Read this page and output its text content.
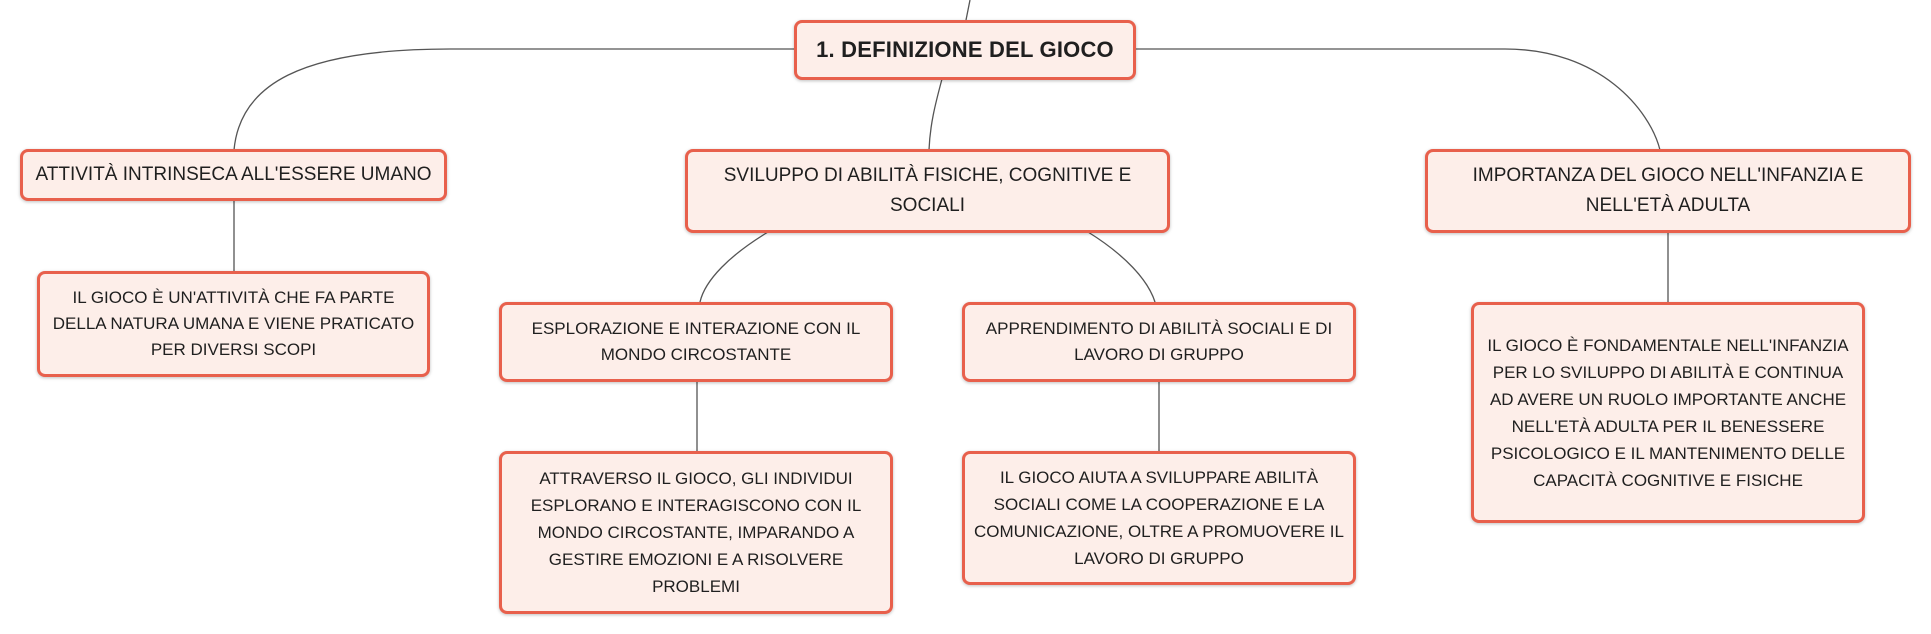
1. DEFINIZIONE DEL GIOCO
ATTIVITÀ INTRINSECA ALL'ESSERE UMANO	SVILUPPO DI ABILITÀ FISICHE, COGNITIVE E SOCIALI
IMPORTANZA DEL GIOCO NELL'INFANZIA E NELL'ETÀ ADULTA
IL GIOCO È UN'ATTIVITÀ CHE FA PARTE DELLA NATURA UMANA E VIENE PRATICATO PER DIVERSI SCOPI
ESPLORAZIONE E INTERAZIONE CON IL MONDO CIRCOSTANTE
APPRENDIMENTO DI ABILITÀ SOCIALI E DI LAVORO DI GRUPPO
ATTRAVERSO IL GIOCO, GLI INDIVIDUI ESPLORANO E INTERAGISCONO CON IL MONDO CIRCOSTANTE, IMPARANDO A GESTIRE EMOZIONI E A RISOLVERE PROBLEMI
IL GIOCO AIUTA A SVILUPPARE ABILITÀ SOCIALI COME LA COOPERAZIONE E LA COMUNICAZIONE, OLTRE A PROMUOVERE IL LAVORO DI GRUPPO
IL GIOCO È FONDAMENTALE NELL'INFANZIA PER LO SVILUPPO DI ABILITÀ E CONTINUA AD AVERE UN RUOLO IMPORTANTE ANCHE NELL'ETÀ ADULTA PER IL BENESSERE PSICOLOGICO E IL MANTENIMENTO DELLE CAPACITÀ COGNITIVE E FISICHE
